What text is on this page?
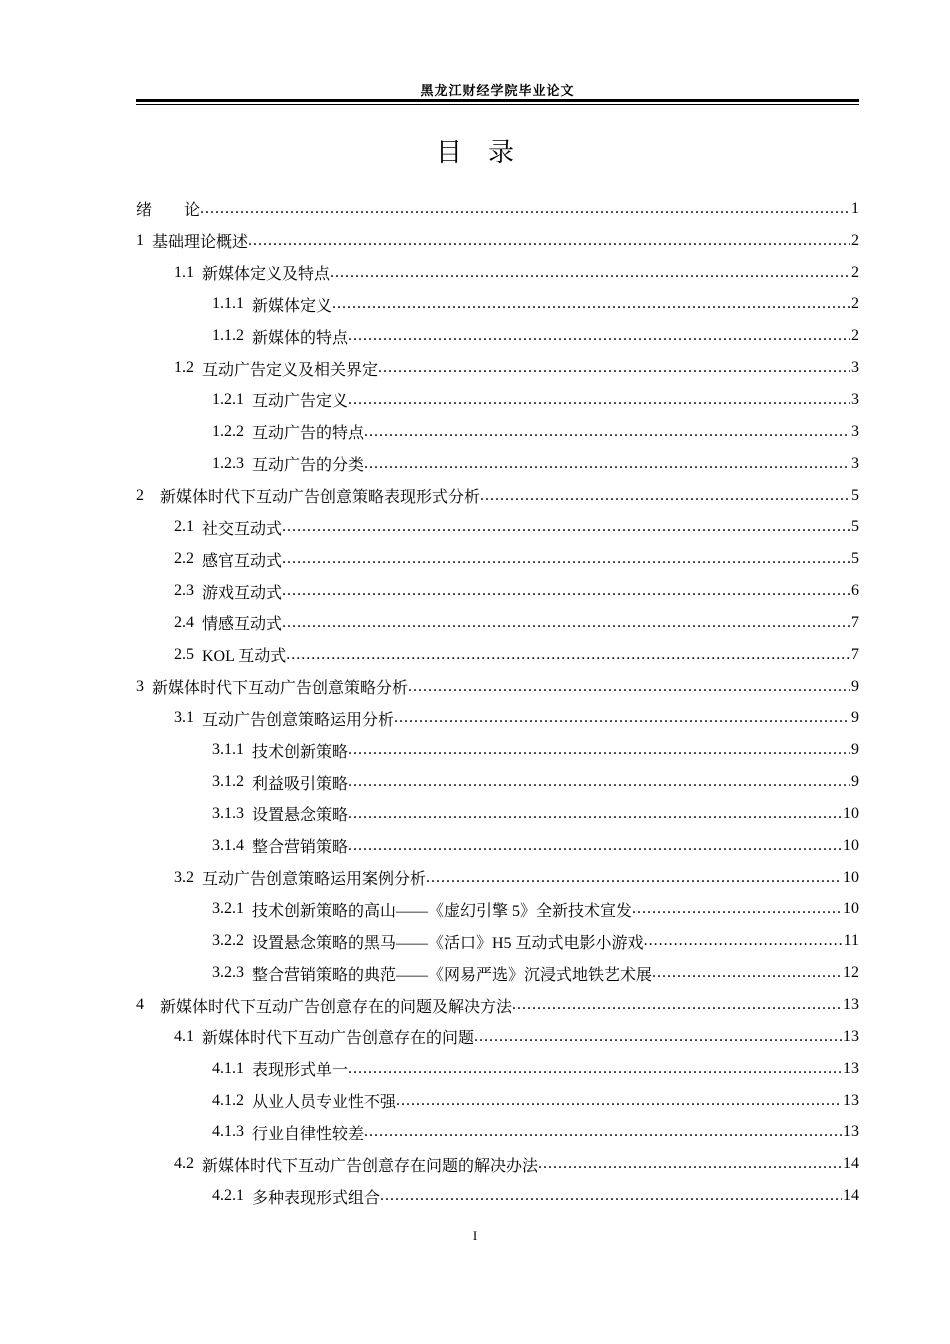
黑龙江财经学院毕业论文
目　录
绪　　论 .....	1
1 基础理论概述 .....	2
1.1 新媒体定义及特点 .....	2
1.1.1 新媒体定义 .....	2
1.1.2 新媒体的特点 .....	2
1.2 互动广告定义及相关界定 .....	3
1.2.1 互动广告定义 .....	3
1.2.2 互动广告的特点 .....	3
1.2.3 互动广告的分类 .....	3
2 新媒体时代下互动广告创意策略表现形式分析 .....	5
2.1 社交互动式 .....	5
2.2 感官互动式 .....	5
2.3 游戏互动式 .....	6
2.4 情感互动式 .....	7
2.5 KOL 互动式 .....	7
3 新媒体时代下互动广告创意策略分析 .....	9
3.1 互动广告创意策略运用分析 .....	9
3.1.1 技术创新策略 .....	9
3.1.2 利益吸引策略 .....	9
3.1.3 设置悬念策略 .....	10
3.1.4 整合营销策略 .....	10
3.2 互动广告创意策略运用案例分析 .....	10
3.2.1 技术创新策略的高山——《虚幻引擎 5》全新技术宣发 .....	10
3.2.2 设置悬念策略的黑马——《活口》H5 互动式电影小游戏 .....	11
3.2.3 整合营销策略的典范——《网易严选》沉浸式地铁艺术展 .....	12
4 新媒体时代下互动广告创意存在的问题及解决方法 .....	13
4.1 新媒体时代下互动广告创意存在的问题 .....	13
4.1.1 表现形式单一 .....	13
4.1.2 从业人员专业性不强 .....	13
4.1.3 行业自律性较差 .....	13
4.2 新媒体时代下互动广告创意存在问题的解决办法 .....	14
4.2.1 多种表现形式组合 .....	14
I
